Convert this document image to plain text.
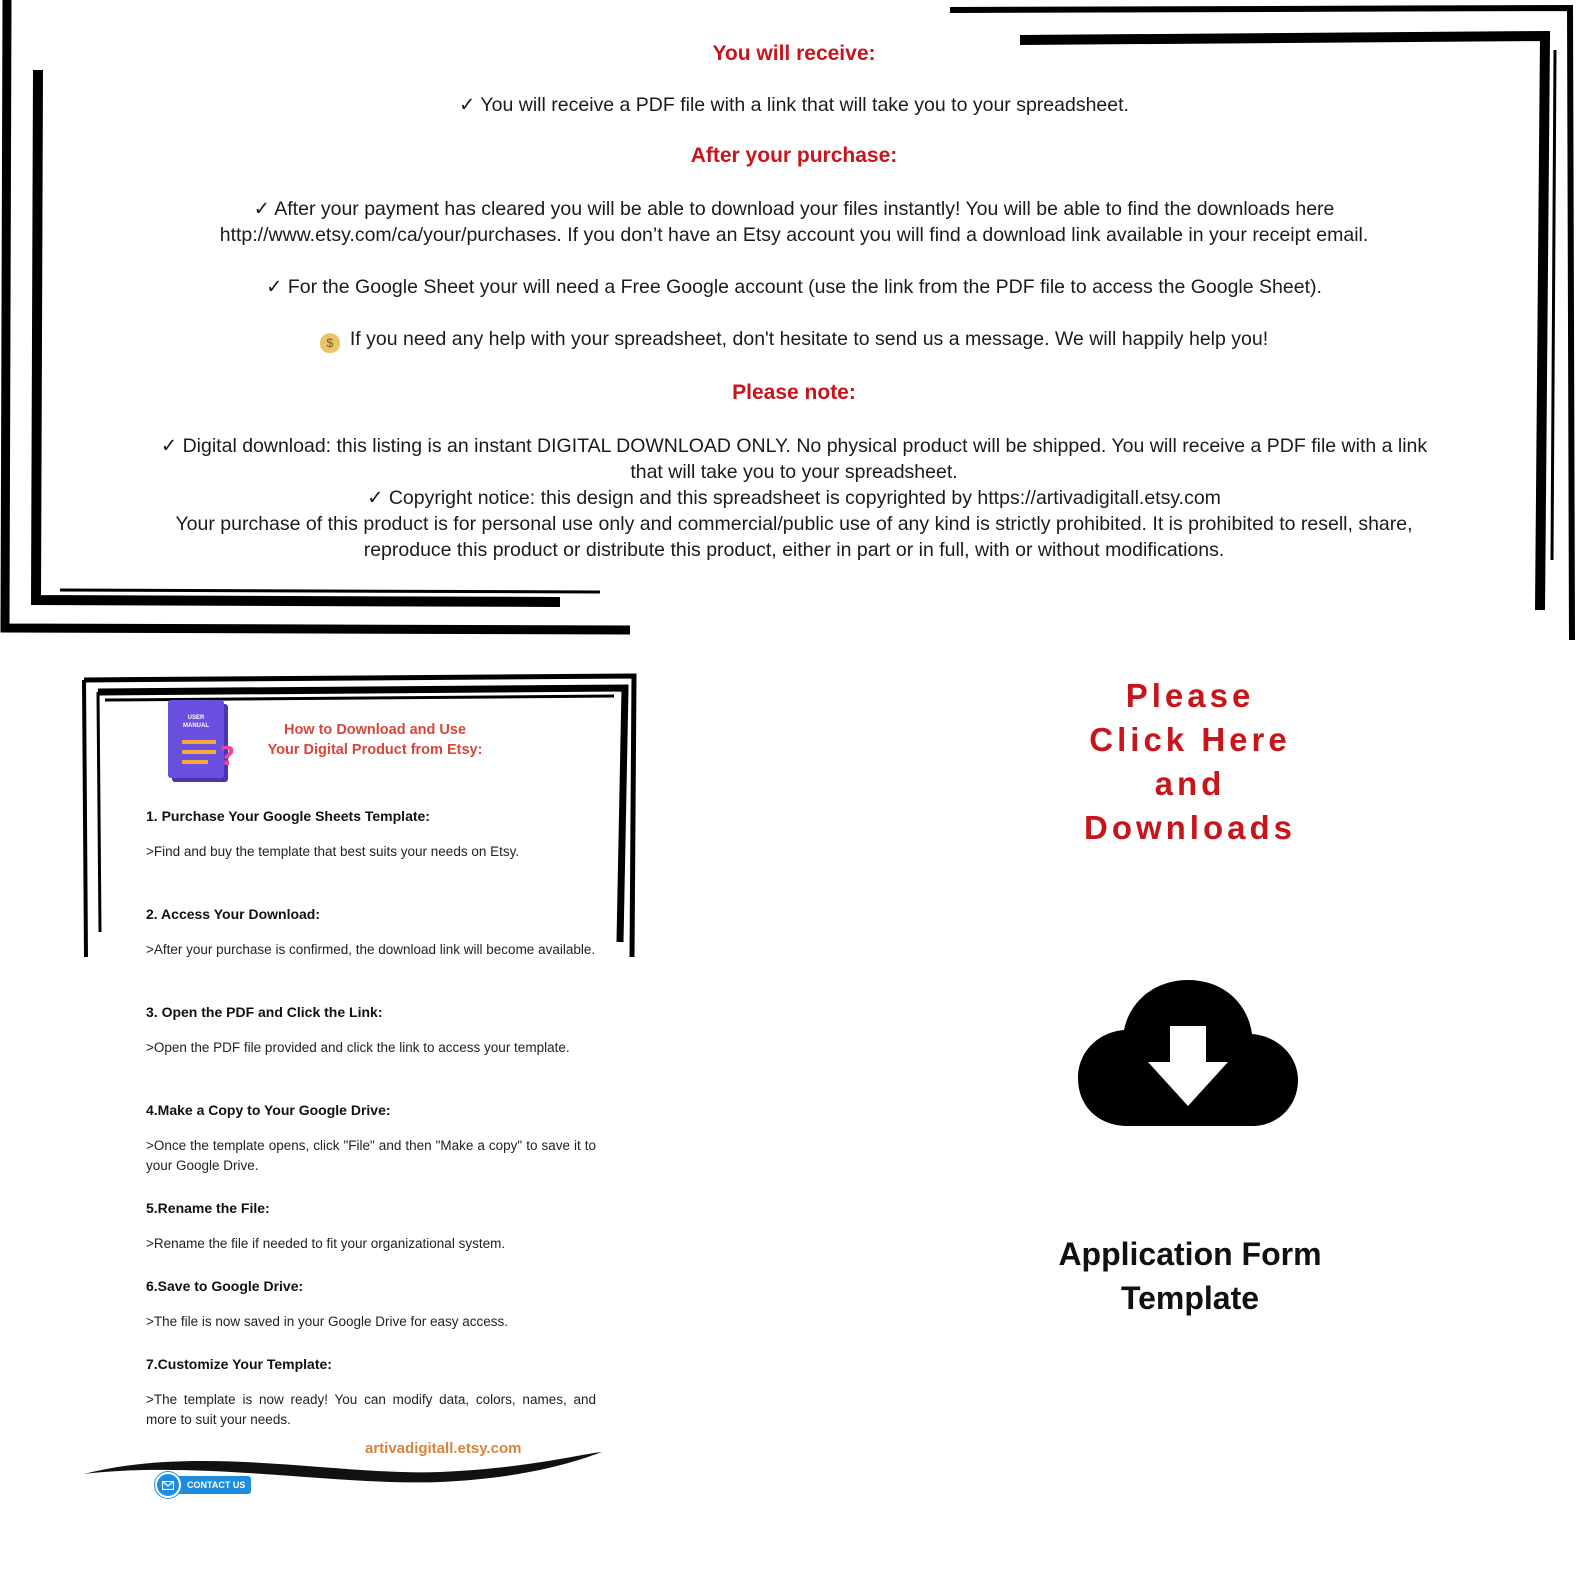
You will receive:

✓ You will receive a PDF file with a link that will take you to your spreadsheet.

After your purchase:

✓ After your payment has cleared you will be able to download your files instantly! You will be able to find the downloads here

http://www.etsy.com/ca/your/purchases. If you don’t have an Etsy account you will find a download link available in your receipt email.

✓ For the Google Sheet your will need a Free Google account (use the link from the PDF file to access the Google Sheet).

$ If you need any help with your spreadsheet, don't hesitate to send us a message. We will happily help you!

Please note:

✓ Digital download: this listing is an instant DIGITAL DOWNLOAD ONLY. No physical product will be shipped. You will receive a PDF file with a link

that will take you to your spreadsheet.

✓ Copyright notice: this design and this spreadsheet is copyrighted by https://artivadigitall.etsy.com

Your purchase of this product is for personal use only and commercial/public use of any kind is strictly prohibited. It is prohibited to resell, share,

reproduce this product or distribute this product, either in part or in full, with or without modifications.

USER
MANUAL
?
How to Download and Use
Your Digital Product from Etsy:
1. Purchase Your Google Sheets Template:
>Find and buy the template that best suits your needs on Etsy.
2. Access Your Download:
>After your purchase is confirmed, the download link will become available.
3. Open the PDF and Click the Link:
>Open the PDF file provided and click the link to access your template.
4.Make a Copy to Your Google Drive:
>Once the template opens, click "File" and then "Make a copy" to save it to your Google Drive.
5.Rename the File:
>Rename the file if needed to fit your organizational system.
6.Save to Google Drive:
>The file is now saved in your Google Drive for easy access.
7.Customize Your Template:
>The template is now ready! You can modify data, colors, names, and more to suit your needs.
artivadigitall.etsy.com
CONTACT US
Please
Click Here
and
Downloads
Application Form
Template
